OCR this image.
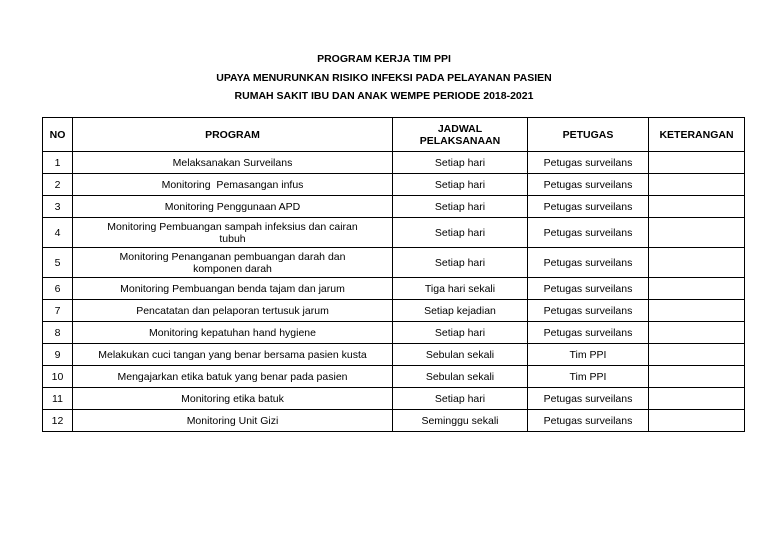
PROGRAM KERJA TIM PPI
UPAYA MENURUNKAN RISIKO INFEKSI PADA PELAYANAN PASIEN
RUMAH SAKIT IBU DAN ANAK WEMPE PERIODE 2018-2021
NO	PROGRAM	JADWAL
PELAKSANAAN	PETUGAS	KETERANGAN
1	Melaksanakan Surveilans	Setiap hari	Petugas surveilans	
2	Monitoring  Pemasangan infus	Setiap hari	Petugas surveilans	
3	Monitoring Penggunaan APD	Setiap hari	Petugas surveilans	
4	Monitoring Pembuangan sampah infeksius dan cairan
tubuh	Setiap hari	Petugas surveilans	
5	Monitoring Penanganan pembuangan darah dan
komponen darah	Setiap hari	Petugas surveilans	
6	Monitoring Pembuangan benda tajam dan jarum	Tiga hari sekali	Petugas surveilans	
7	Pencatatan dan pelaporan tertusuk jarum	Setiap kejadian	Petugas surveilans	
8	Monitoring kepatuhan hand hygiene	Setiap hari	Petugas surveilans	
9	Melakukan cuci tangan yang benar bersama pasien kusta	Sebulan sekali	Tim PPI	
10	Mengajarkan etika batuk yang benar pada pasien	Sebulan sekali	Tim PPI	
11	Monitoring etika batuk	Setiap hari	Petugas surveilans	
12	Monitoring Unit Gizi	Seminggu sekali	Petugas surveilans	
